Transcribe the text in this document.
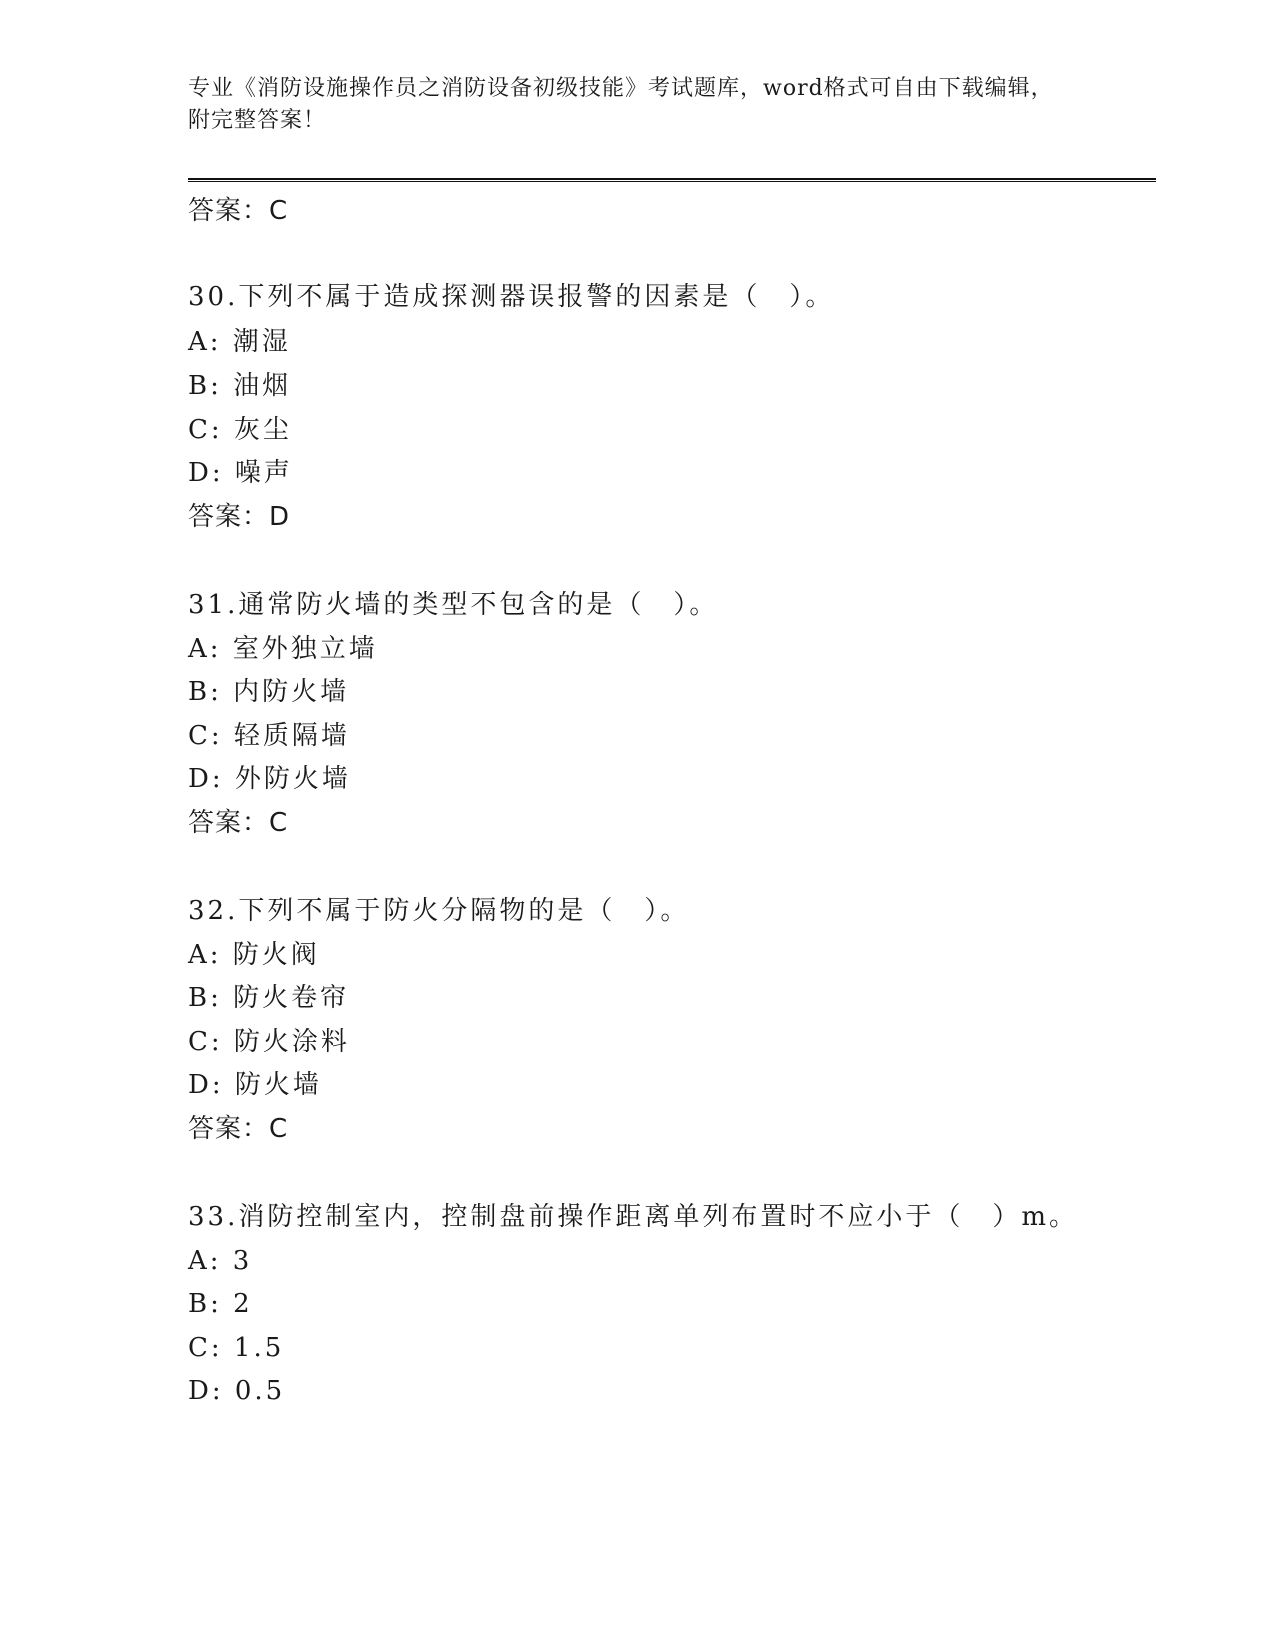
专业《消防设施操作员之消防设备初级技能》考试题库，word格式可自由下载编辑，附完整答案！
答案：C
30.下列不属于造成探测器误报警的因素是（　）。
A: 潮湿
B: 油烟
C: 灰尘
D: 噪声
答案：D
31.通常防火墙的类型不包含的是（　）。
A: 室外独立墙
B: 内防火墙
C: 轻质隔墙
D: 外防火墙
答案：C
32.下列不属于防火分隔物的是（　）。
A: 防火阀
B: 防火卷帘
C: 防火涂料
D: 防火墙
答案：C
33.消防控制室内，控制盘前操作距离单列布置时不应小于（　）m。
A: 3
B: 2
C: 1.5
D: 0.5
